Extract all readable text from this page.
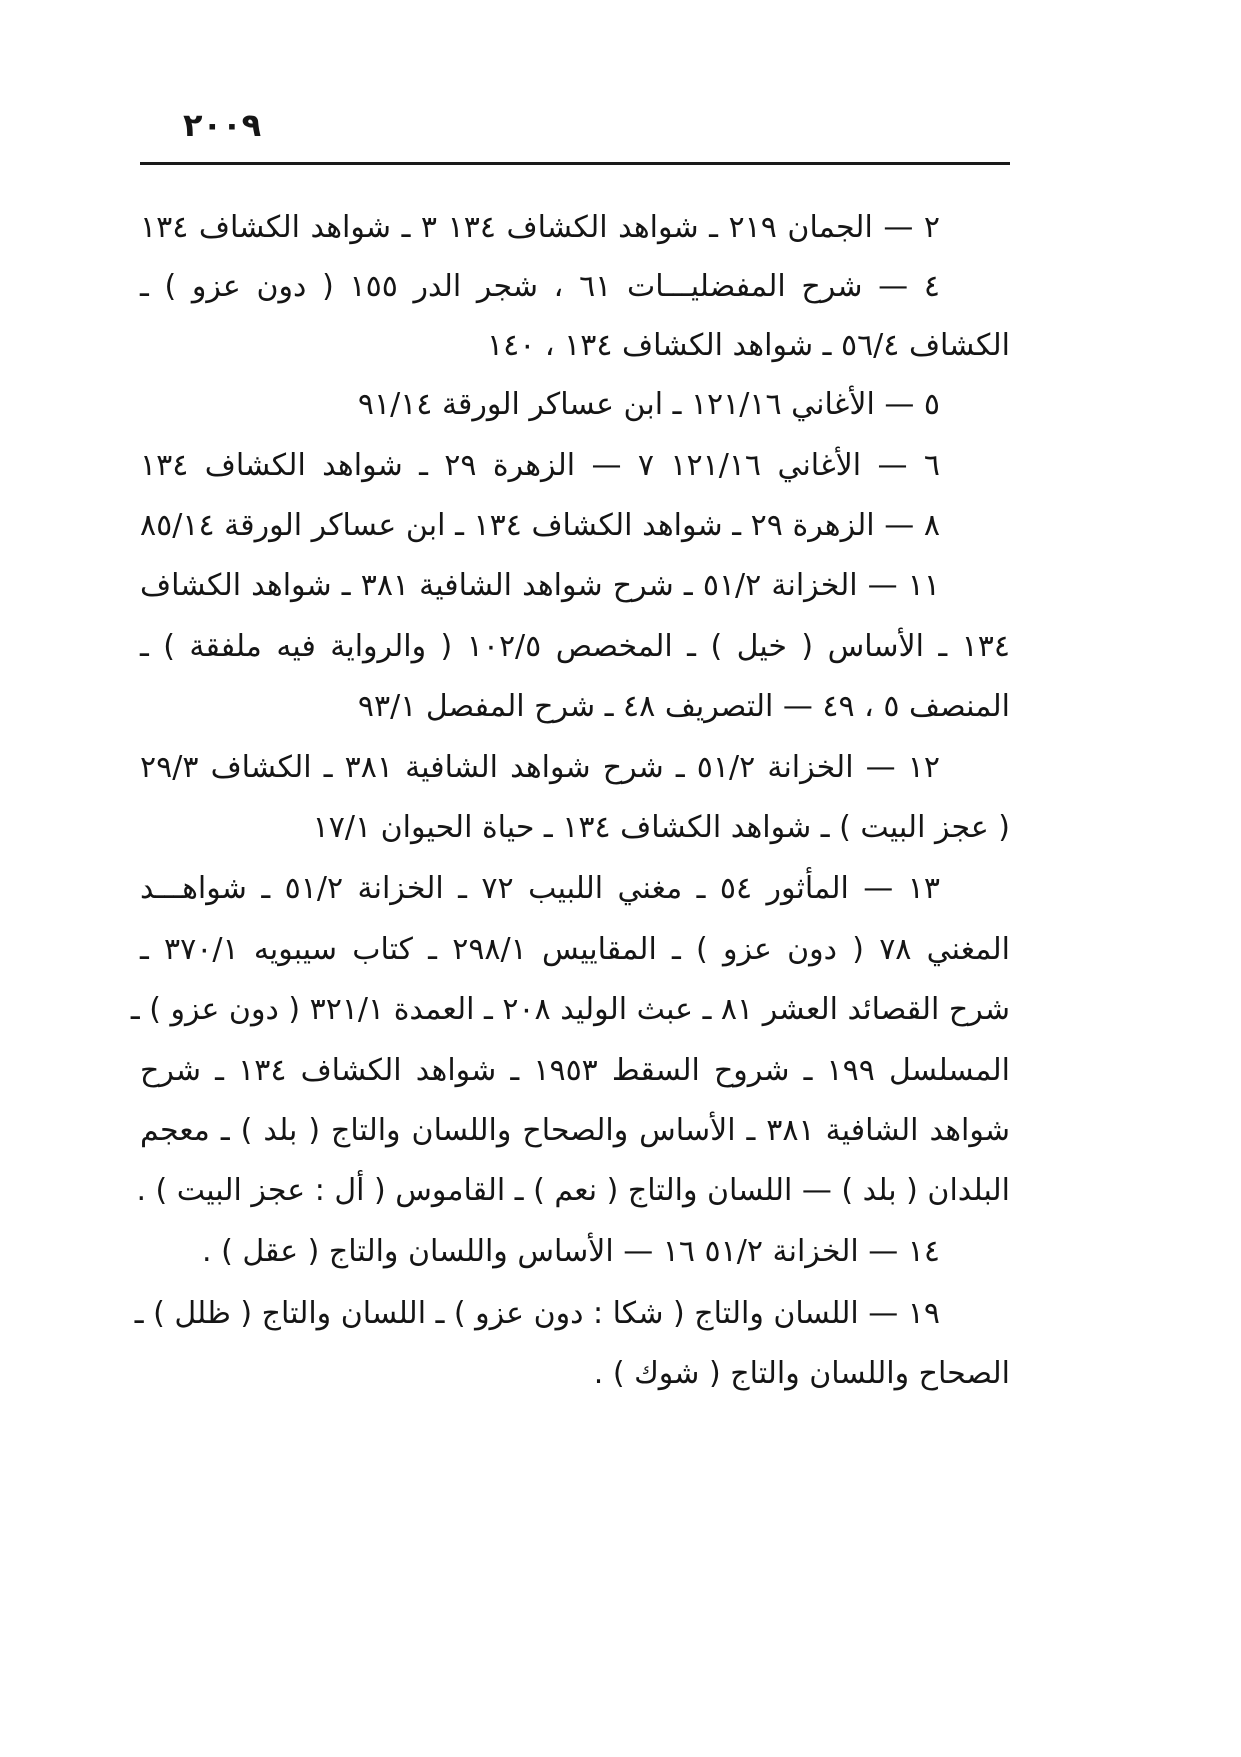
٢٠٠٩
٢ — الجمان ٢١٩ ـ شواهد الكشاف ١٣٤ ٣ ـ شواهد الكشاف ١٣٤
٤ — شرح المفضليـــات ٦١ ، شجر الدر ١٥٥ ( دون عزو ) ـ
الكشاف ٥٦/٤ ـ شواهد الكشاف ١٣٤ ، ١٤٠
٥ — الأغاني ١٢١/١٦ ـ ابن عساكر الورقة ٩١/١٤
٦ — الأغاني ١٢١/١٦ ٧ — الزهرة ٢٩ ـ شواهد الكشاف ١٣٤
٨ — الزهرة ٢٩ ـ شواهد الكشاف ١٣٤ ـ ابن عساكر الورقة ٨٥/١٤
١١ — الخزانة ٥١/٢ ـ شرح شواهد الشافية ٣٨١ ـ شواهد الكشاف
١٣٤ ـ الأساس ( خيل ) ـ المخصص ١٠٢/٥ ( والرواية فيه ملفقة ) ـ
المنصف ٥ ، ٤٩ — التصريف ٤٨ ـ شرح المفصل ٩٣/١
١٢ — الخزانة ٥١/٢ ـ شرح شواهد الشافية ٣٨١ ـ الكشاف ٢٩/٣
( عجز البيت ) ـ شواهد الكشاف ١٣٤ ـ حياة الحيوان ١٧/١
١٣ — المأثور ٥٤ ـ مغني اللبيب ٧٢ ـ الخزانة ٥١/٢ ـ شواهـــد
المغني ٧٨ ( دون عزو ) ـ المقاييس ٢٩٨/١ ـ كتاب سيبويه ٣٧٠/١ ـ
شرح القصائد العشر ٨١ ـ عبث الوليد ٢٠٨ ـ العمدة ٣٢١/١ ( دون عزو ) ـ
المسلسل ١٩٩ ـ شروح السقط ١٩٥٣ ـ شواهد الكشاف ١٣٤ ـ شرح
شواهد الشافية ٣٨١ ـ الأساس والصحاح واللسان والتاج ( بلد ) ـ معجم
البلدان ( بلد ) — اللسان والتاج ( نعم ) ـ القاموس ( أل : عجز البيت ) .
١٤ — الخزانة ٥١/٢ ١٦ — الأساس واللسان والتاج ( عقل ) .
١٩ — اللسان والتاج ( شكا : دون عزو ) ـ اللسان والتاج ( ظلل ) ـ
الصحاح واللسان والتاج ( شوك ) .
